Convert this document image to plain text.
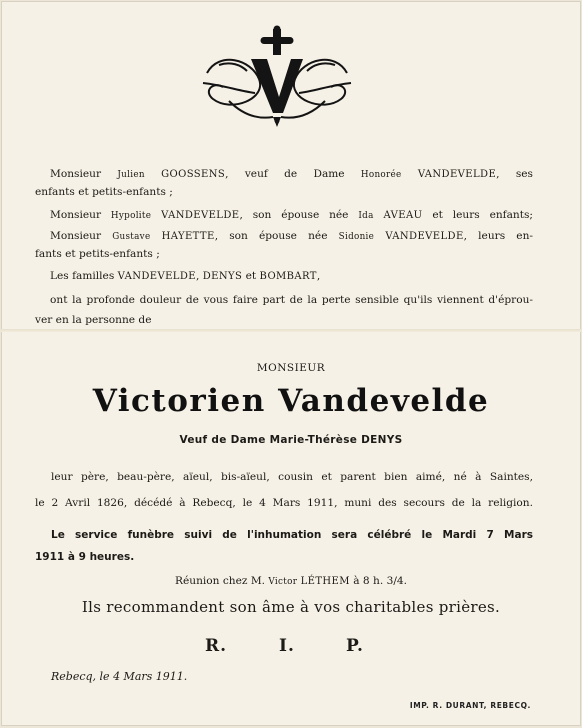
Monsieur Julien GOOSSENS, veuf de Dame Honorée VANDEVELDE, ses
enfants et petits-enfants ;
Monsieur Hypolite VANDEVELDE, son épouse née Ida AVEAU et leurs enfants;
Monsieur Gustave HAYETTE, son épouse née Sidonie VANDEVELDE, leurs en-
fants et petits-enfants ;
Les familles VANDEVELDE, DENYS et BOMBART,
ont la profonde douleur de vous faire part de la perte sensible qu'ils viennent d'éprou-
ver en la personne de
MONSIEUR
Victorien Vandevelde
Veuf de Dame Marie-Thérèse DENYS
leur père, beau-père, aïeul, bis-aïeul, cousin et parent bien aimé, né à Saintes,
le 2 Avril 1826, décédé à Rebecq, le 4 Mars 1911, muni des secours de la religion.
Le service funèbre suivi de l'inhumation sera célébré le Mardi 7 Mars
1911 à 9 heures.
Réunion chez M. Victor LÉTHEM à 8 h. 3/4.
Ils recommandent son âme à vos charitables prières.
R.	I.	P.
Rebecq, le 4 Mars 1911.
IMP. R. DURANT, REBECQ.
